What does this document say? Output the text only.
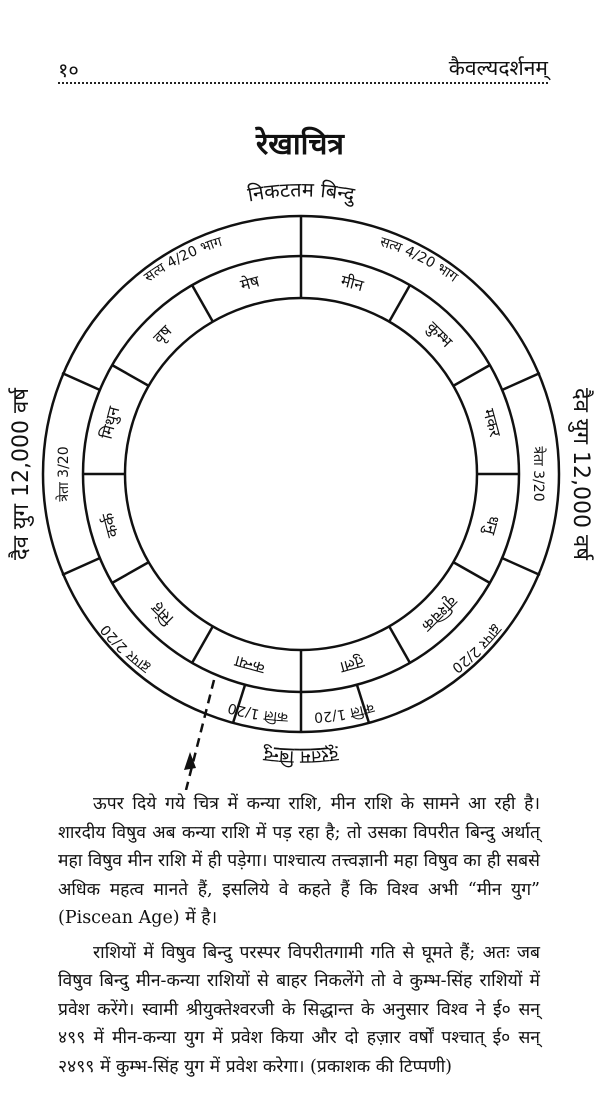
१०	कैवल्यदर्शनम्
रेखाचित्र
निकटतम बिन्दु
दूरतम बिन्दु
दैव युग 12,000 वर्ष	दैव युग 12,000 वर्ष
सत्य 4/20 भाग	सत्य 4/20 भाग
त्रेता 3/20	त्रेता 3/20
द्वापर 2/20	द्वापर 2/20
कलि 1/20	कलि 1/20
मेष
वृष
मिथुन
कर्क
सिंह
कन्या	तुला
वृश्चिक
धनु
मकर
कुम्भ
मीन

ऊपर दिये गये चित्र में कन्या राशि, मीन राशि के सामने आ रही है। शारदीय विषुव अब कन्या राशि में पड़ रहा है; तो उसका विपरीत बिन्दु अर्थात् महा विषुव मीन राशि में ही पड़ेगा। पाश्चात्य तत्त्वज्ञानी महा विषुव का ही सबसे अधिक महत्व मानते हैं, इसलिये वे कहते हैं कि विश्व अभी “मीन युग” (Piscean Age) में है।

राशियों में विषुव बिन्दु परस्पर विपरीतगामी गति से घूमते हैं; अतः जब विषुव बिन्दु मीन-कन्या राशियों से बाहर निकलेंगे तो वे कुम्भ-सिंह राशियों में प्रवेश करेंगे। स्वामी श्रीयुक्तेश्वरजी के सिद्धान्त के अनुसार विश्व ने ई० सन् ४९९ में मीन-कन्या युग में प्रवेश किया और दो हज़ार वर्षों पश्चात् ई० सन् २४९९ में कुम्भ-सिंह युग में प्रवेश करेगा। (प्रकाशक की टिप्पणी)
